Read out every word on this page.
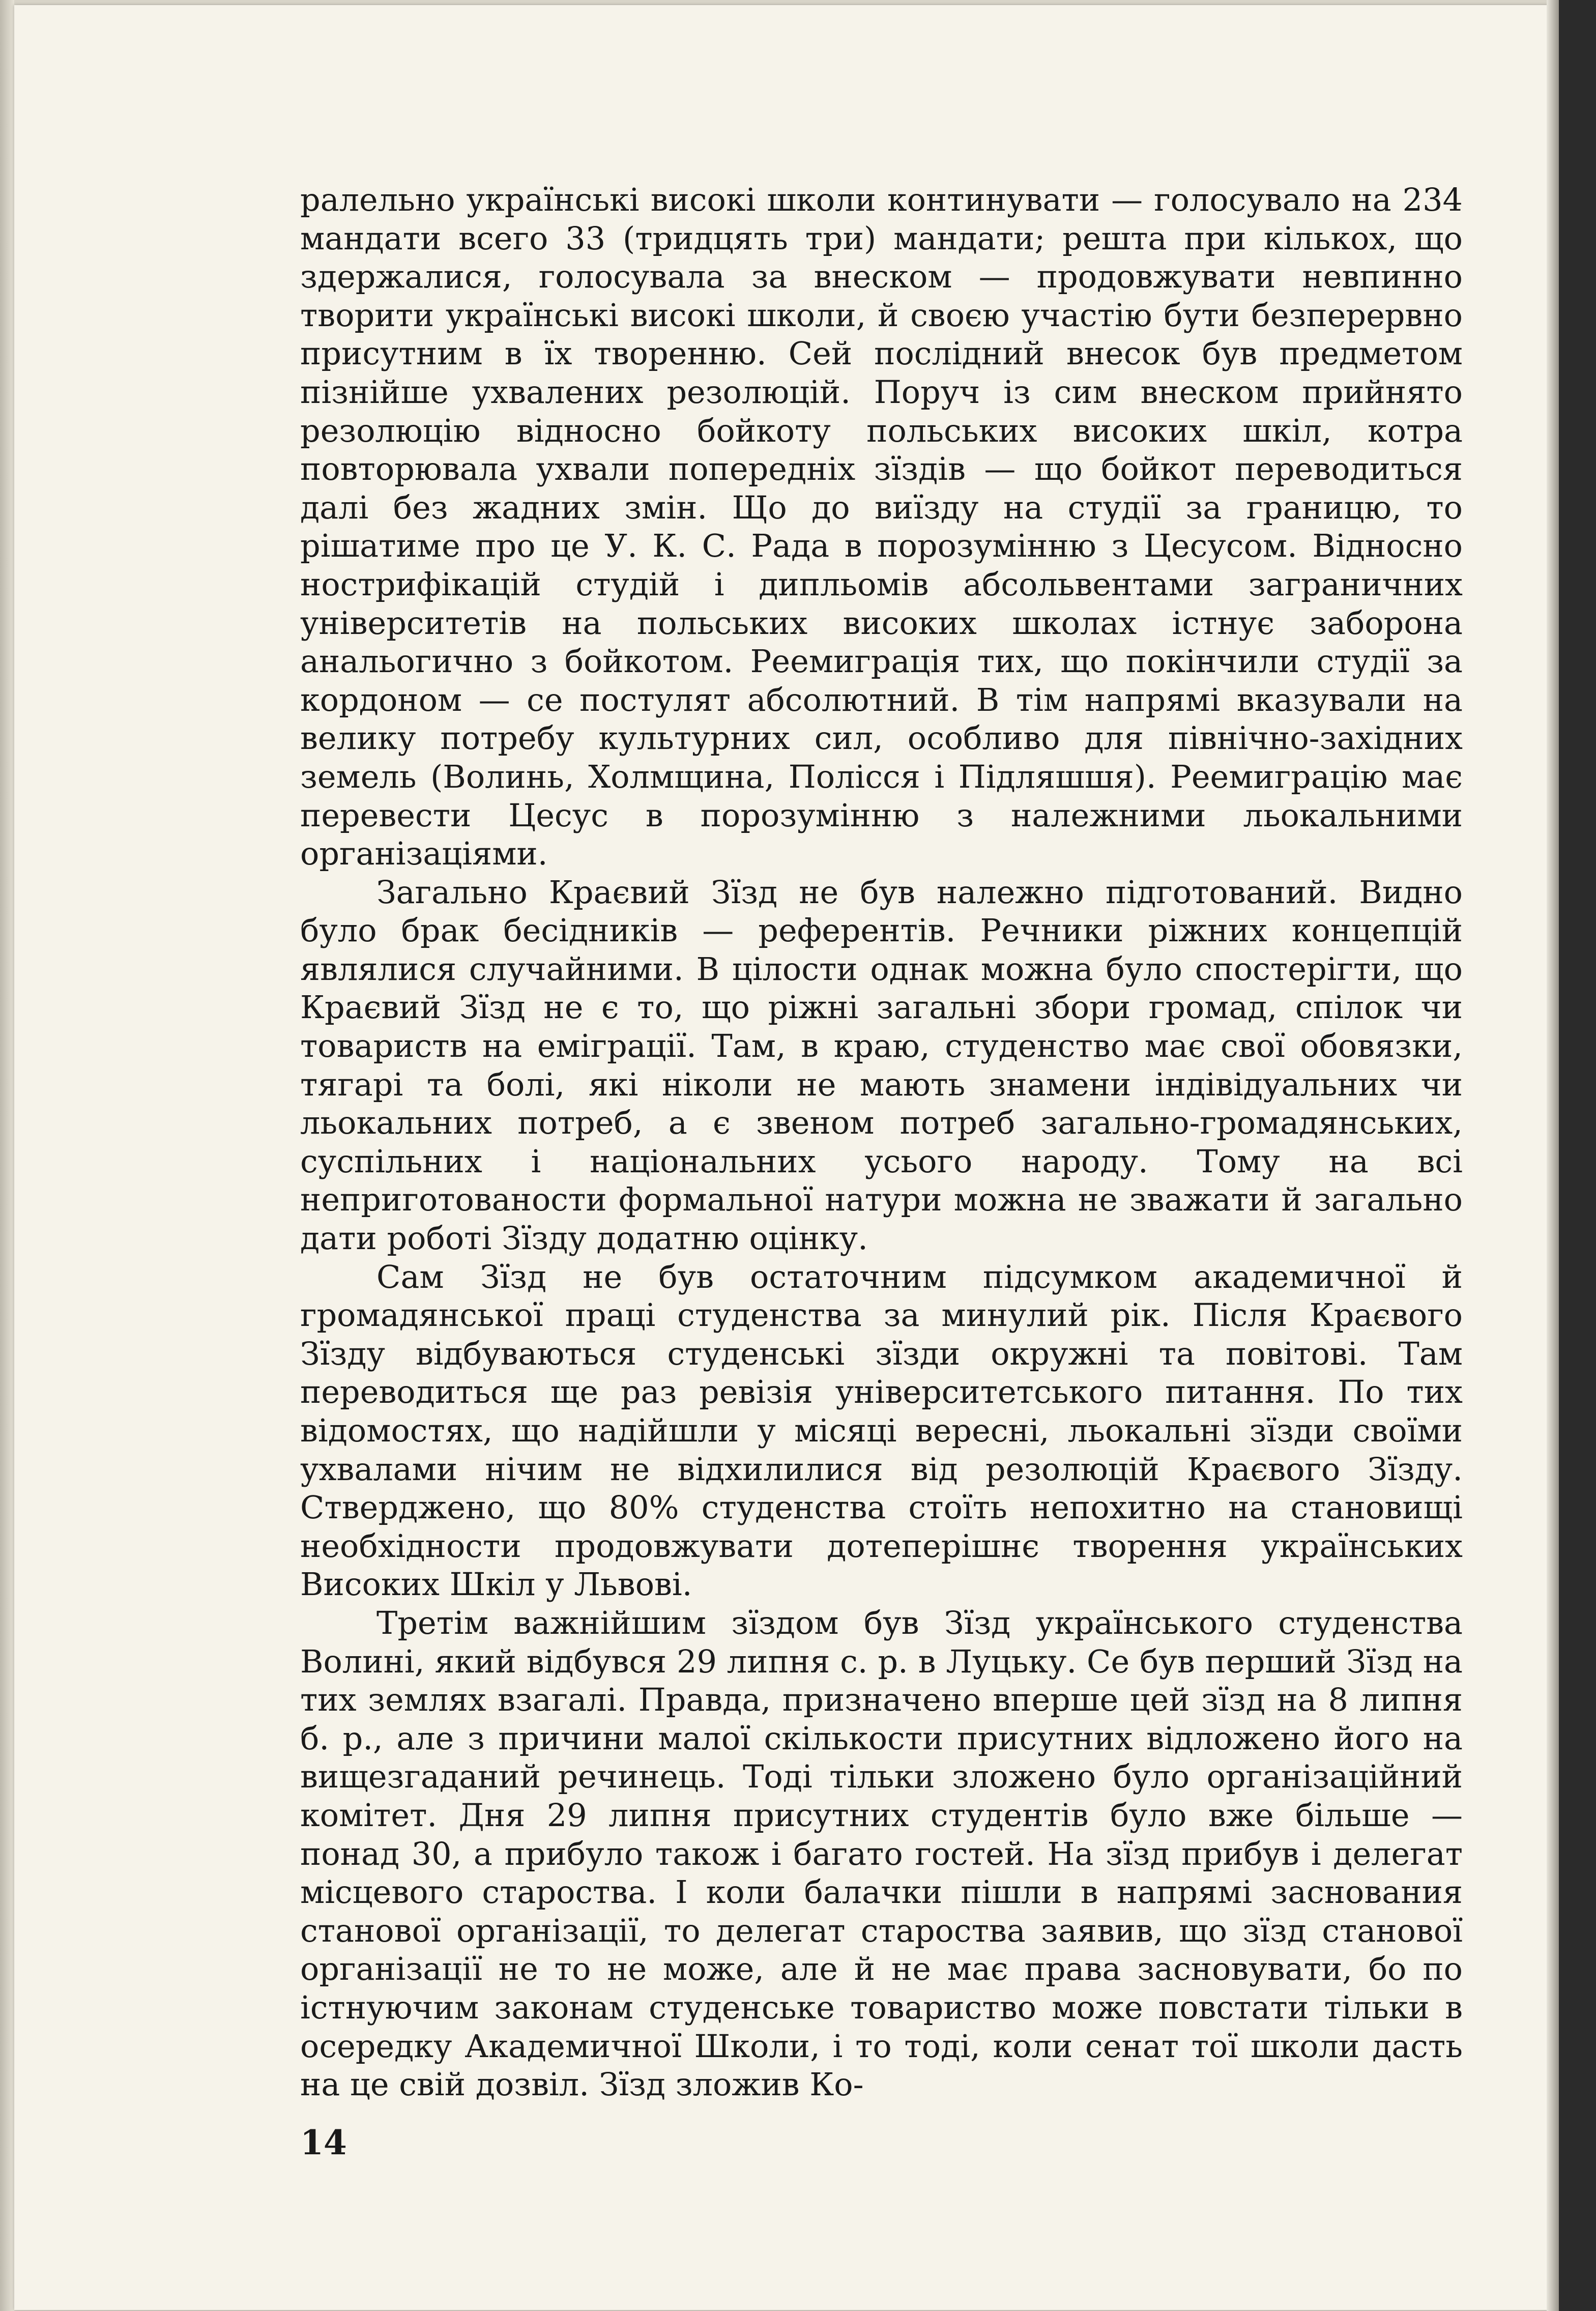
ралельно українські високі школи континувати — голосувало на 234 мандати всего 33 (тридцять три) мандати; решта при кількох, що здержалися, голосувала за внеском — продовжувати невпинно творити українські високі школи, й своєю участію бути безперервно присутним в їх творенню. Сей послідний внесок був предметом пізнійше ухвалених резолюцій. Поруч із сим внеском прийнято резолюцію відносно бойкоту польських високих шкіл, котра повторювала ухвали попередніх зїздів — що бойкот переводиться далі без жадних змін. Що до виїзду на студії за границю, то рішатиме про це У. К. С. Рада в порозумінню з Цесусом. Відносно нострифікацій студій і дипльомів абсольвентами заграничних університетів на польських високих школах істнує заборона анальогично з бойкотом. Реемиграція тих, що покінчили студії за кордоном — се постулят абсолютний. В тім напрямі вказували на велику потребу культурних сил, особливо для північно-західних земель (Волинь, Холмщина, Полісся і Підляшшя). Реемиграцію має перевести Цесус в порозумінню з належними льокальними організаціями.

Загально Краєвий Зїзд не був належно підготований. Видно було брак бесідників — референтів. Речники ріжних концепцій являлися случайними. В цілости однак можна було спостерігти, що Краєвий Зїзд не є то, що ріжні загальні збори громад, спілок чи товариств на еміграції. Там, в краю, студенство має свої обовязки, тягарі та болі, які ніколи не мають знамени індівідуальних чи льокальних потреб, а є звеном потреб загально-громадянських, суспільних і національних усього народу. Тому на всі неприготованости формальної натури можна не зважати й загально дати роботі Зїзду додатню оцінку.

Сам Зїзд не був остаточним підсумком академичної й громадянської праці студенства за минулий рік. Після Краєвого Зїзду відбуваються студенські зїзди окружні та повітові. Там переводиться ще раз ревізія університетського питання. По тих відомостях, що надійшли у місяці вересні, льокальні зїзди своїми ухвалами нічим не відхилилися від резолюцій Краєвого Зїзду. Стверджено, що 80% студенства стоїть непохитно на становищі необхідности продовжувати дотеперішнє творення українських Високих Шкіл у Львові.

Третім важнійшим зїздом був Зїзд українського студенства Волині, який відбувся 29 липня с. р. в Луцьку. Се був перший Зїзд на тих землях взагалі. Правда, призначено вперше цей зїзд на 8 липня б. р., але з причини малої скількости присутних відложено його на вищезгаданий речинець. Тоді тільки зложено було організаційний комітет. Дня 29 липня присутних студентів було вже більше — понад 30, а прибуло також і багато гостей. На зїзд прибув і делегат місцевого староства. І коли балачки пішли в напрямі заснования станової організації, то делегат староства заявив, що зїзд станової організації не то не може, але й не має права засновувати, бо по істнуючим законам студенське товариство може повстати тільки в осередку Академичної Школи, і то тоді, коли сенат тої школи дасть на це свій дозвіл. Зїзд зложив Ко-

14
